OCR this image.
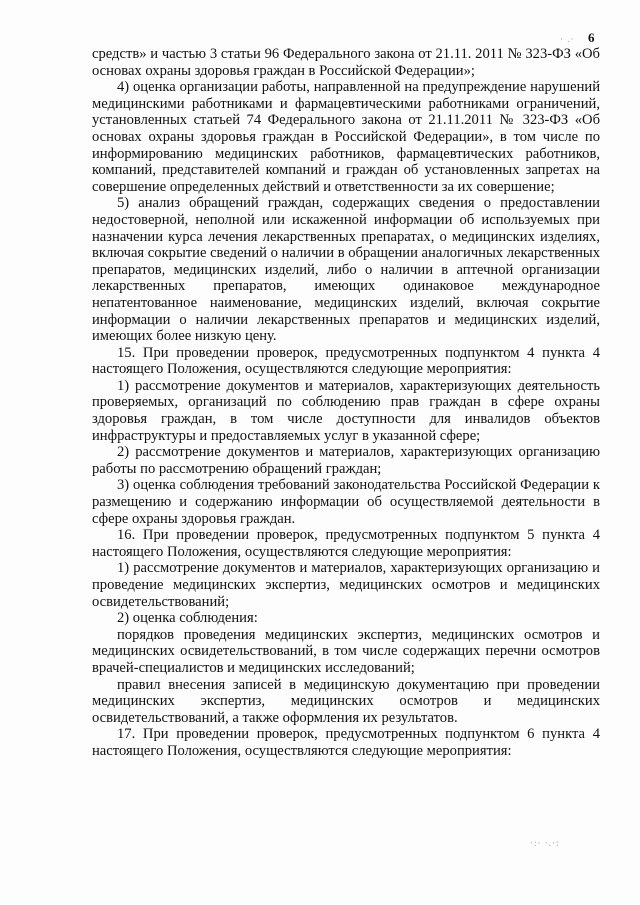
· .· 6

средств» и частью 3 статьи 96 Федерального закона от 21.11. 2011 № 323-ФЗ «Об основах охраны здоровья граждан в Российской Федерации»;

4) оценка организации работы, направленной на предупреждение нарушений медицинскими работниками и фармацевтическими работниками ограничений, установленных статьей 74 Федерального закона от 21.11.2011 № 323-ФЗ «Об основах охраны здоровья граждан в Российской Федерации», в том числе по информированию медицинских работников, фармацевтических работников, компаний, представителей компаний и граждан об установленных запретах на совершение определенных действий и ответственности за их совершение;

5) анализ обращений граждан, содержащих сведения о предоставлении недостоверной, неполной или искаженной информации об используемых при назначении курса лечения лекарственных препаратах, о медицинских изделиях, включая сокрытие сведений о наличии в обращении аналогичных лекарственных препаратов, медицинских изделий, либо о наличии в аптечной организации лекарственных препаратов, имеющих одинаковое международное непатентованное наименование, медицинских изделий, включая сокрытие информации о наличии лекарственных препаратов и медицинских изделий, имеющих более низкую цену.

15. При проведении проверок, предусмотренных подпунктом 4 пункта 4 настоящего Положения, осуществляются следующие мероприятия:

1) рассмотрение документов и материалов, характеризующих деятельность проверяемых, организаций по соблюдению прав граждан в сфере охраны здоровья граждан, в том числе доступности для инвалидов объектов инфраструктуры и предоставляемых услуг в указанной сфере;

2) рассмотрение документов и материалов, характеризующих организацию работы по рассмотрению обращений граждан;

3) оценка соблюдения требований законодательства Российской Федерации к размещению и содержанию информации об осуществляемой деятельности в сфере охраны здоровья граждан.

16. При проведении проверок, предусмотренных подпунктом 5 пункта 4 настоящего Положения, осуществляются следующие мероприятия:

1) рассмотрение документов и материалов, характеризующих организацию и проведение медицинских экспертиз, медицинских осмотров и медицинских освидетельствований;

2) оценка соблюдения:

порядков проведения медицинских экспертиз, медицинских осмотров и медицинских освидетельствований, в том числе содержащих перечни осмотров врачей-специалистов и медицинских исследований;

правил внесения записей в медицинскую документацию при проведении медицинских экспертиз, медицинских осмотров и медицинских освидетельствований, а также оформления их результатов.

17. При проведении проверок, предусмотренных подпунктом 6 пункта 4 настоящего Положения, осуществляются следующие мероприятия:

·:· ·.·:
